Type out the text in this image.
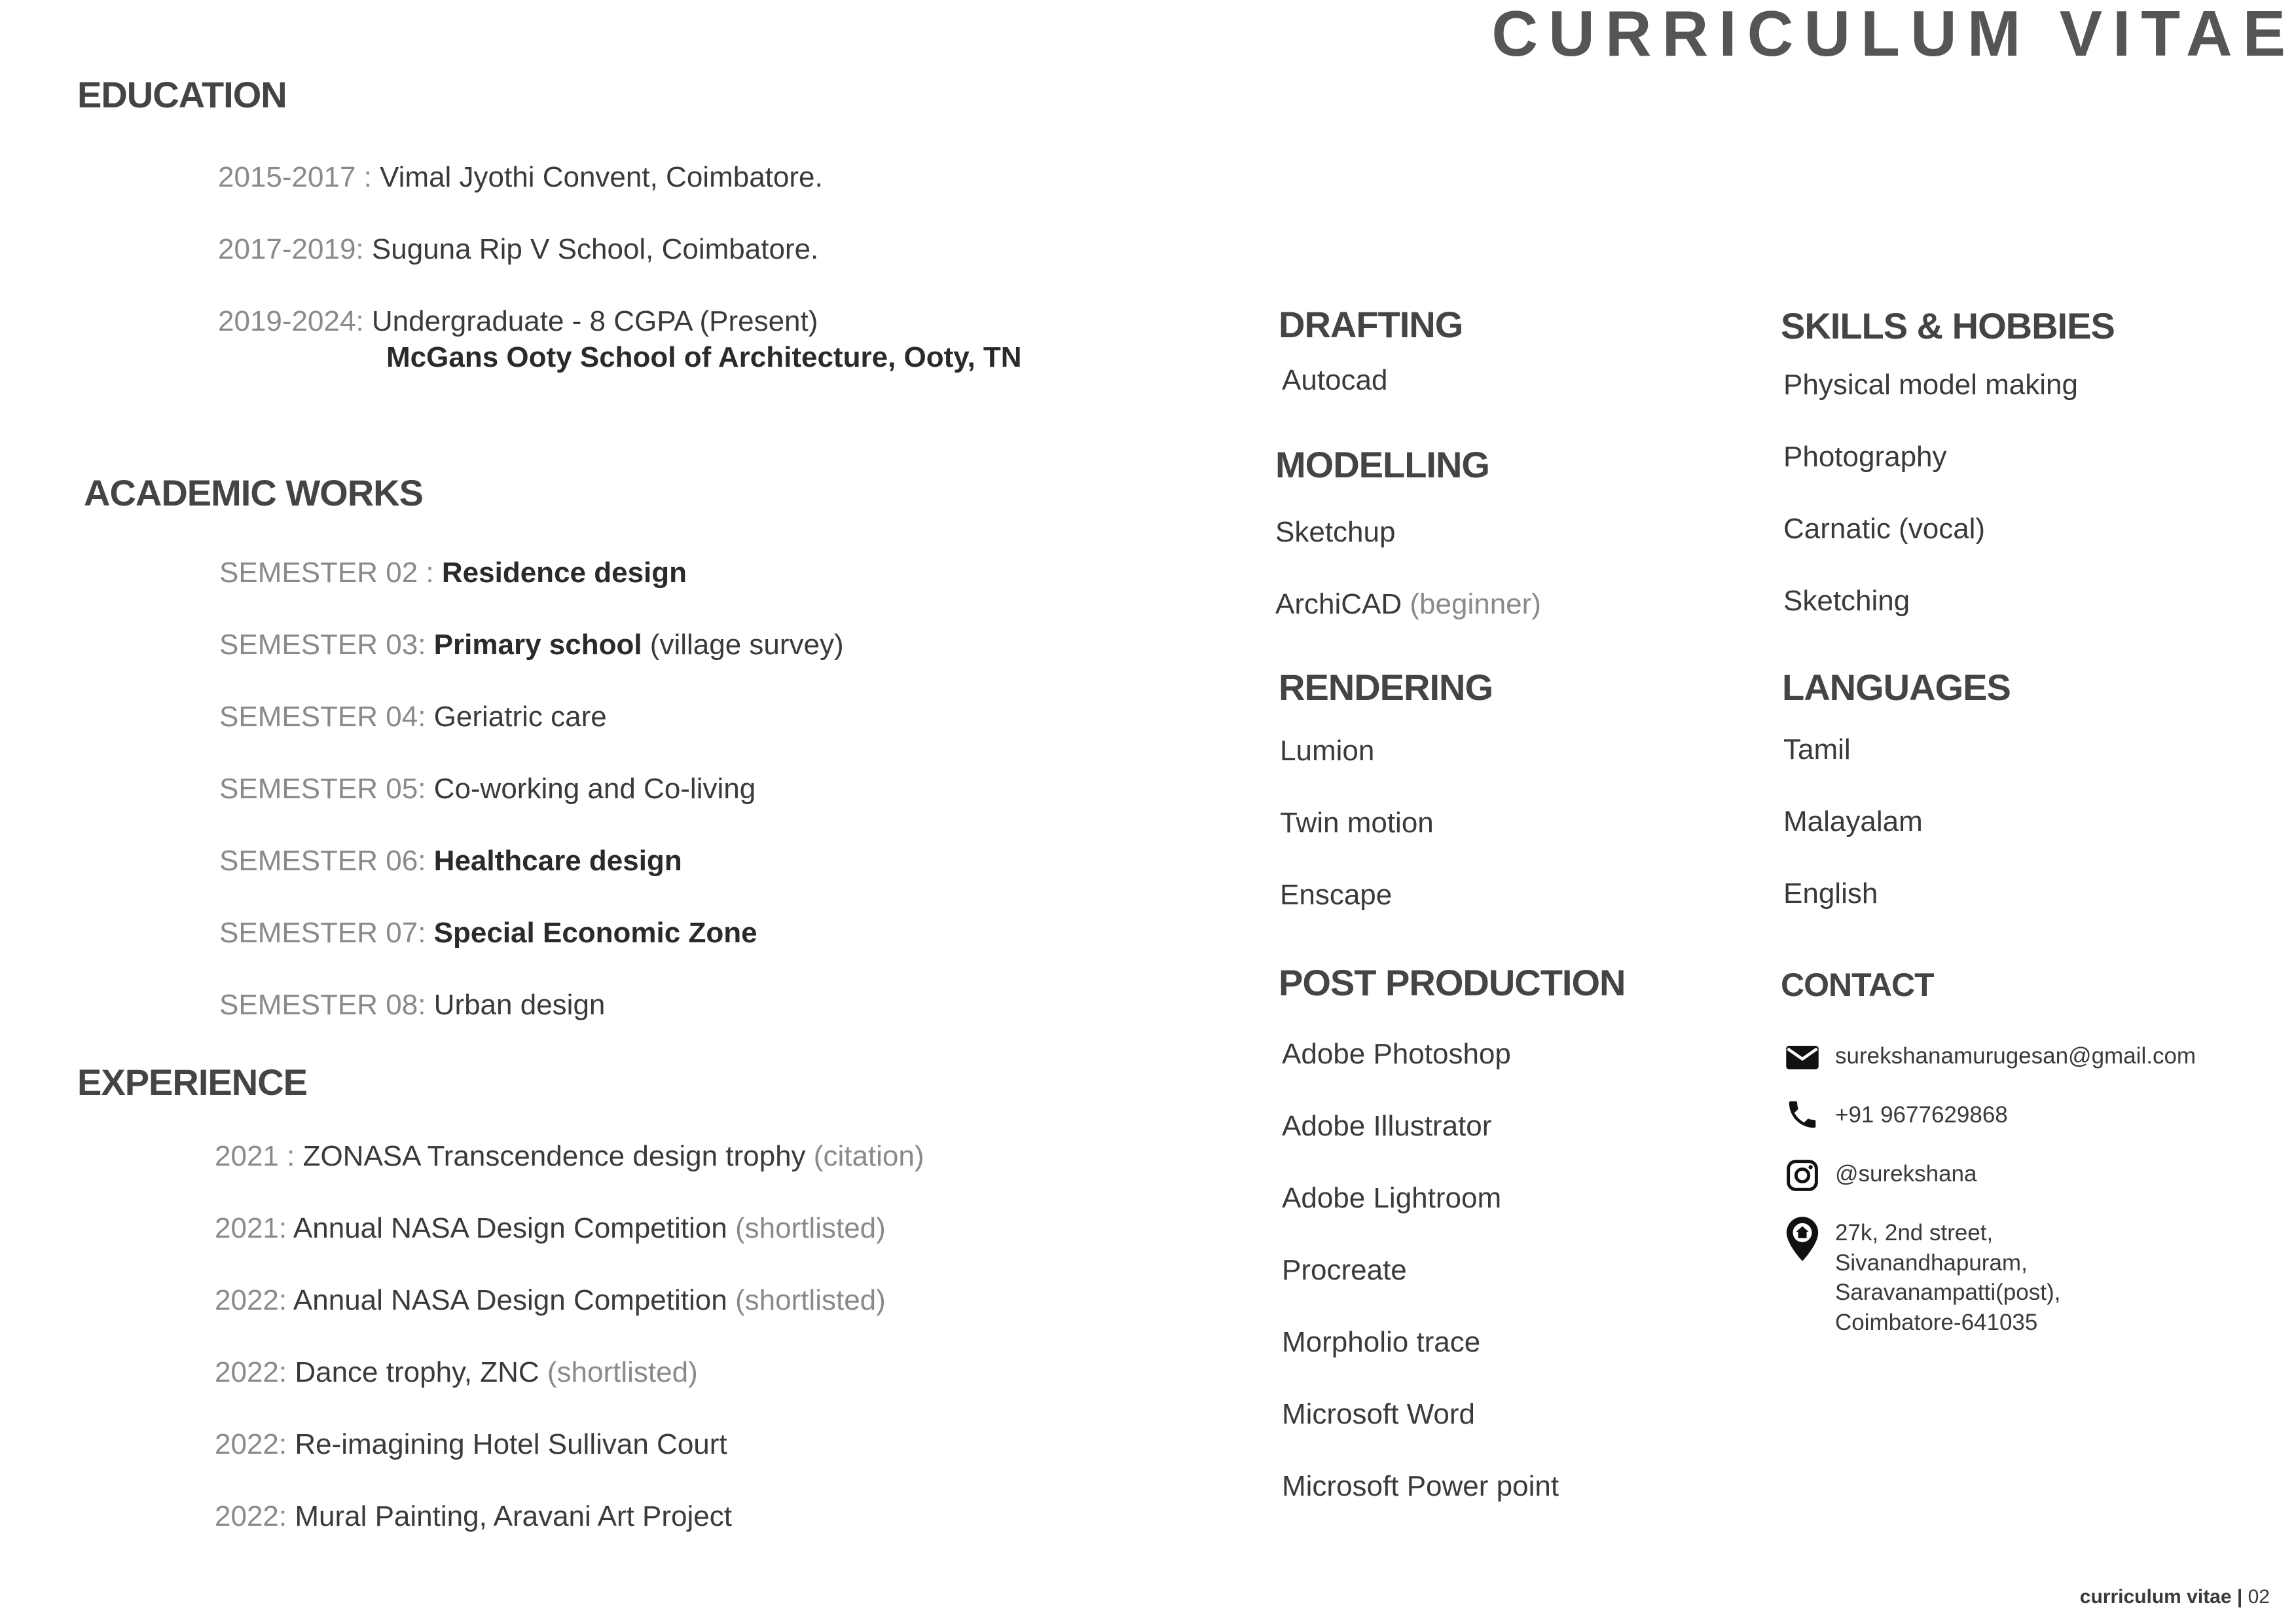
CURRICULUM VITAE
EDUCATION
2015-2017 : Vimal Jyothi Convent, Coimbatore.
2017-2019: Suguna Rip V School, Coimbatore.
2019-2024: Undergraduate - 8 CGPA (Present)
McGans Ooty School of Architecture, Ooty, TN
ACADEMIC WORKS
SEMESTER 02 : Residence design
SEMESTER 03: Primary school (village survey)
SEMESTER 04: Geriatric care
SEMESTER 05: Co-working and Co-living
SEMESTER 06: Healthcare design
SEMESTER 07: Special Economic Zone
SEMESTER 08: Urban design
EXPERIENCE
2021 : ZONASA Transcendence design trophy (citation)
2021: Annual NASA Design Competition (shortlisted)
2022: Annual NASA Design Competition (shortlisted)
2022: Dance trophy, ZNC (shortlisted)
2022: Re-imagining Hotel Sullivan Court
2022: Mural Painting, Aravani Art Project
DRAFTING
Autocad
MODELLING
Sketchup
ArchiCAD (beginner)
RENDERING
Lumion
Twin motion
Enscape
POST PRODUCTION
Adobe Photoshop
Adobe Illustrator
Adobe Lightroom
Procreate
Morpholio trace
Microsoft Word
Microsoft Power point
SKILLS & HOBBIES
Physical model making
Photography
Carnatic (vocal)
Sketching
LANGUAGES
Tamil
Malayalam
English
CONTACT
surekshanamurugesan@gmail.com
+91 9677629868
@surekshana
27k, 2nd street,
Sivanandhapuram,
Saravanampatti(post),
Coimbatore-641035
curriculum vitae | 02
